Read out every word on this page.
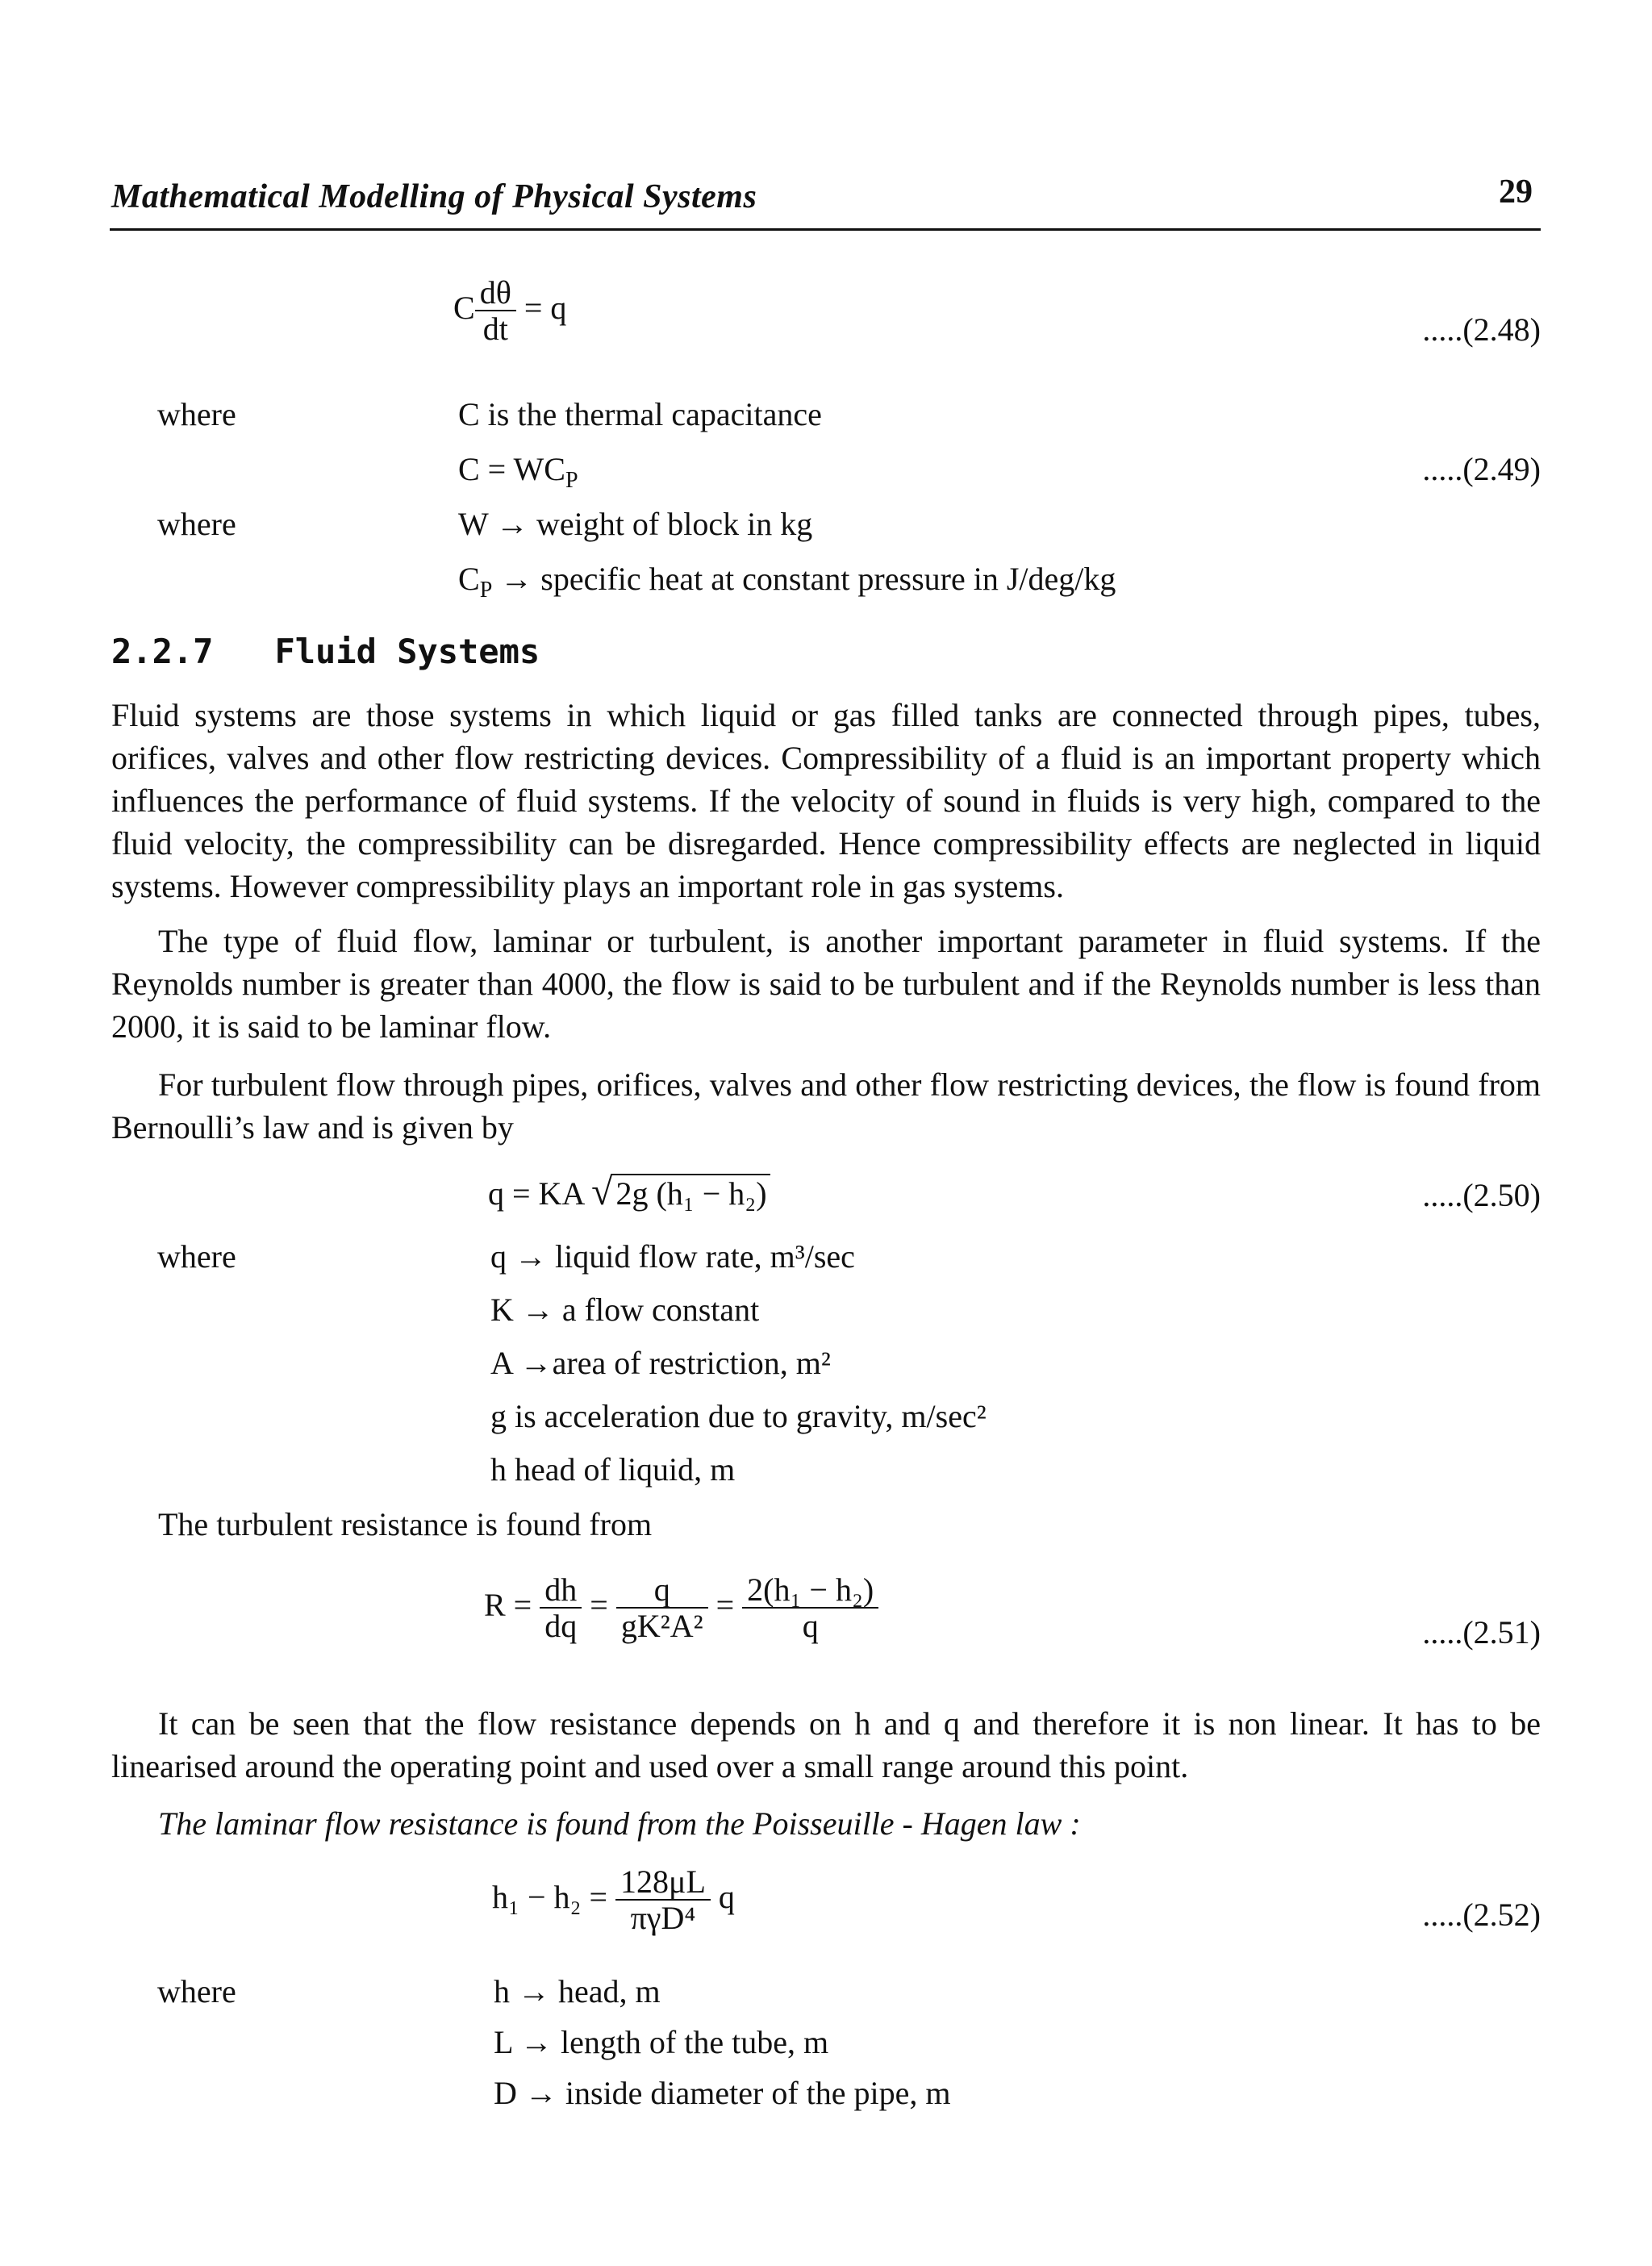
Mathematical Modelling of Physical Systems	29
C $\frac{d\theta}{dt} = q$
.....(2.48)
where	C is the thermal capacitance
$C = WC_P$	.....(2.49)
where	W → weight of block in kg
$C_P$ → specific heat at constant pressure in J/deg/kg
2.2.7 Fluid Systems
Fluid systems are those systems in which liquid or gas filled tanks are connected through pipes, tubes, orifices, valves and other flow restricting devices. Compressibility of a fluid is an important property which influences the performance of fluid systems. If the velocity of sound in fluids is very high, compared to the fluid velocity, the compressibility can be disregarded. Hence compressibility effects are neglected in liquid systems. However compressibility plays an important role in gas systems.
The type of fluid flow, laminar or turbulent, is another important parameter in fluid systems. If the Reynolds number is greater than 4000, the flow is said to be turbulent and if the Reynolds number is less than 2000, it is said to be laminar flow.
For turbulent flow through pipes, orifices, valves and other flow restricting devices, the flow is found from Bernoulli’s law and is given by
q = KA √ 2g (h₁ − h₂)	.....(2.50)
where	q → liquid flow rate, m³/sec
K → a flow constant
A →area of restriction, m²
g is acceleration due to gravity, m/sec²
h head of liquid, m
The turbulent resistance is found from
$R = \frac{dh}{dq} = \frac{q}{\text{gK²A²}} = \frac{\text{2(h₁ − h₂)}}{q}$	.....(2.51)
It can be seen that the flow resistance depends on h and q and therefore it is non linear. It has to be linearised around the operating point and used over a small range around this point.
The laminar flow resistance is found from the Poisseuille - Hagen law :
$h_1 - h_2 = \frac{128\mu L}{\text{πγD⁴}}$ q	.....(2.52)
where	h → head, m
L → length of the tube, m
D → inside diameter of the pipe, m
